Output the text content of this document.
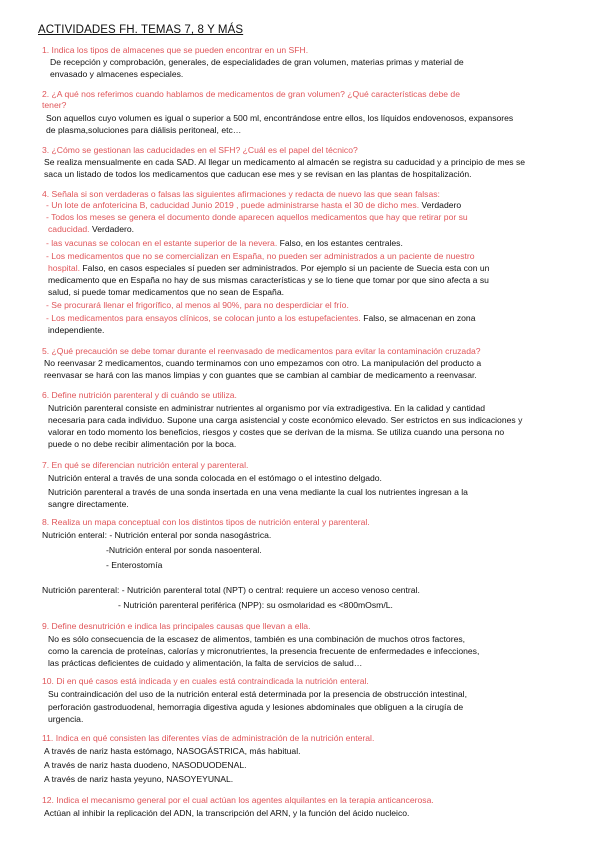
ACTIVIDADES FH. TEMAS 7, 8 Y MÁS
1. Indica los tipos de almacenes que se pueden encontrar en un SFH.
De recepción y comprobación, generales, de especialidades de gran volumen, materias primas y material de
envasado y almacenes especiales.
2. ¿A qué nos referimos cuando hablamos de medicamentos de gran volumen? ¿Qué características debe de
tener?
Son aquellos cuyo volumen es igual o superior a 500 ml, encontrándose entre ellos, los líquidos endovenosos, expansores
de plasma,soluciones para diálisis peritoneal, etc…
3. ¿Cómo se gestionan las caducidades en el SFH? ¿Cuál es el papel del técnico?
Se realiza mensualmente en cada SAD. Al llegar un medicamento al almacén se registra su caducidad y a principio de mes se
saca un listado de todos los medicamentos que caducan ese mes y se revisan en las plantas de hospitalización.
4. Señala si son verdaderas o falsas las siguientes afirmaciones y redacta de nuevo las que sean falsas:
- Un lote de anfotericina B, caducidad Junio 2019 , puede administrarse hasta el 30 de dicho mes. Verdadero
- Todos los meses se genera el documento donde aparecen aquellos medicamentos que hay que retirar por su
caducidad. Verdadero.
- las vacunas se colocan en el estante superior de la nevera. Falso, en los estantes centrales.
- Los medicamentos que no se comercializan en España, no pueden ser administrados a un paciente de nuestro
hospital. Falso, en casos especiales sí pueden ser administrados. Por ejemplo si un paciente de Suecia esta con un
medicamento que en España no hay de sus mismas características y se lo tiene que tomar por que sino afecta a su
salud, si puede tomar medicamentos que no sean de España.
- Se procurará llenar el frigorífico, al menos al 90%, para no desperdiciar el frío.
- Los medicamentos para ensayos clínicos, se colocan junto a los estupefacientes. Falso, se almacenan en zona
independiente.
5. ¿Qué precaución se debe tomar durante el reenvasado de medicamentos para evitar la contaminación cruzada?
No reenvasar 2 medicamentos, cuando terminamos con uno empezamos con otro. La manipulación del producto a
reenvasar se hará con las manos limpias y con guantes que se cambian al cambiar de medicamento a reenvasar.
6. Define nutrición parenteral y di cuándo se utiliza.
Nutrición parenteral consiste en administrar nutrientes al organismo por vía extradigestiva. En la calidad y cantidad
necesaria para cada individuo. Supone una carga asistencial y coste económico elevado. Ser estrictos en sus indicaciones y
valorar en todo momento los beneficios, riesgos y costes que se derivan de la misma. Se utiliza cuando una persona no
puede o no debe recibir alimentación por la boca.
7. En qué se diferencian nutrición enteral y parenteral.
Nutrición enteral a través de una sonda colocada en el estómago o el intestino delgado.
Nutrición parenteral a través de una sonda insertada en una vena mediante la cual los nutrientes ingresan a la
sangre directamente.
8. Realiza un mapa conceptual con los distintos tipos de nutrición enteral y parenteral.
Nutrición enteral: - Nutrición enteral por sonda nasogástrica.
-Nutrición enteral por sonda nasoenteral.
- Enterostomía
Nutrición parenteral: - Nutrición parenteral total (NPT) o central: requiere un acceso venoso central.
- Nutrición parenteral periférica (NPP): su osmolaridad es <800mOsm/L.
9. Define desnutrición e indica las principales causas que llevan a ella.
No es sólo consecuencia de la escasez de alimentos, también es una combinación de muchos otros factores,
como la carencia de proteínas, calorías y micronutrientes, la presencia frecuente de enfermedades e infecciones,
las prácticas deficientes de cuidado y alimentación, la falta de servicios de salud…
10. Di en qué casos está indicada y en cuales está contraindicada la nutrición enteral.
Su contraindicación del uso de la nutrición enteral está determinada por la presencia de obstrucción intestinal,
perforación gastroduodenal, hemorragia digestiva aguda y lesiones abdominales que obliguen a la cirugía de
urgencia.
11. Indica en qué consisten las diferentes vías de administración de la nutrición enteral.
A través de nariz hasta estómago, NASOGÁSTRICA, más habitual.
A través de nariz hasta duodeno, NASODUODENAL.
A través de nariz hasta yeyuno, NASOYEYUNAL.
12. Indica el mecanismo general por el cual actúan los agentes alquilantes en la terapia anticancerosa.
Actúan al inhibir la replicación del ADN, la transcripción del ARN, y la función del ácido nucleico.
